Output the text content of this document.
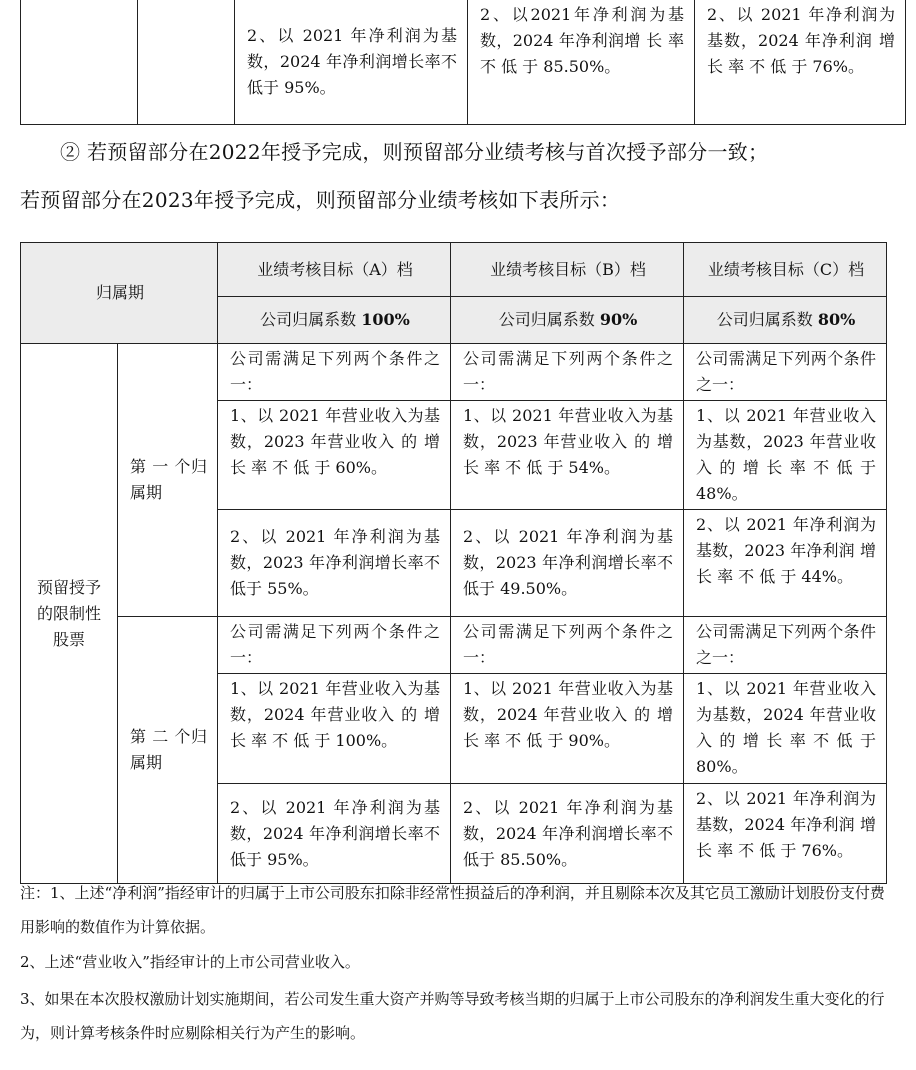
		2、以 2021 年净利润为基数，2024 年净利润增长率不低于 95%。	2、以2021年净利润为基数，2024 年净利润增 长 率 不 低 于 85.50%。	2、以 2021 年净利润为基数，2024 年净利润 增 长 率 不 低 于 76%。
② 若预留部分在2022年授予完成，则预留部分业绩考核与首次授予部分一致；
若预留部分在2023年授予完成，则预留部分业绩考核如下表所示：
归属期		业绩考核目标（A）档	业绩考核目标（B）档	业绩考核目标（C）档
		公司归属系数 100%	公司归属系数 90%	公司归属系数 80%
预留授予的限制性股票	第 一 个归属期	公司需满足下列两个条件之一：	公司需满足下列两个条件之一：	公司需满足下列两个条件之一：
		1、以 2021 年营业收入为基数，2023 年营业收入 的 增 长 率 不 低 于 60%。	1、以 2021 年营业收入为基数，2023 年营业收入 的 增 长 率 不 低 于 54%。	1、以 2021 年营业收入为基数，2023 年营业收入的增长率不低于 48%。
		2、以 2021 年净利润为基数，2023 年净利润增长率不低于 55%。	2、以 2021 年净利润为基数，2023 年净利润增长率不低于 49.50%。	2、以 2021 年净利润为基数，2023 年净利润 增 长 率 不 低 于 44%。
	第 二 个归属期	公司需满足下列两个条件之一：	公司需满足下列两个条件之一：	公司需满足下列两个条件之一：
		1、以 2021 年营业收入为基数，2024 年营业收入 的 增 长 率 不 低 于 100%。	1、以 2021 年营业收入为基数，2024 年营业收入 的 增 长 率 不 低 于 90%。	1、以 2021 年营业收入为基数，2024 年营业收入的增长率不低于 80%。
		2、以 2021 年净利润为基数，2024 年净利润增长率不低于 95%。	2、以 2021 年净利润为基数，2024 年净利润增长率不低于 85.50%。	2、以 2021 年净利润为基数，2024 年净利润 增 长 率 不 低 于 76%。
注：1、上述“净利润”指经审计的归属于上市公司股东扣除非经常性损益后的净利润，并且剔除本次及其它员工激励计划股份支付费用影响的数值作为计算依据。
2、上述“营业收入”指经审计的上市公司营业收入。
3、如果在本次股权激励计划实施期间，若公司发生重大资产并购等导致考核当期的归属于上市公司股东的净利润发生重大变化的行为，则计算考核条件时应剔除相关行为产生的影响。
